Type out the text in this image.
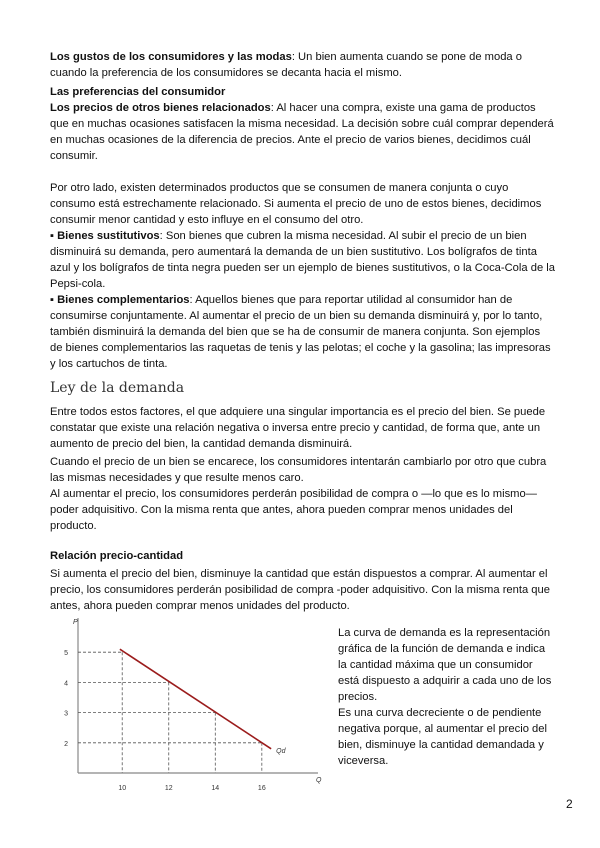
Los gustos de los consumidores y las modas: Un bien aumenta cuando se pone de moda o cuando la preferencia de los consumidores se decanta hacia el mismo.

Las preferencias del consumidor

Los precios de otros bienes relacionados: Al hacer una compra, existe una gama de productos que en muchas ocasiones satisfacen la misma necesidad. La decisión sobre cuál comprar dependerá en muchas ocasiones de la diferencia de precios. Ante el precio de varios bienes, decidimos cuál consumir.

Por otro lado, existen determinados productos que se consumen de manera conjunta o cuyo consumo está estrechamente relacionado. Si aumenta el precio de uno de estos bienes, decidimos consumir menor cantidad y esto influye en el consumo del otro.

▪ Bienes sustitutivos: Son bienes que cubren la misma necesidad. Al subir el precio de un bien disminuirá su demanda, pero aumentará la demanda de un bien sustitutivo. Los bolígrafos de tinta azul y los bolígrafos de tinta negra pueden ser un ejemplo de bienes sustitutivos, o la Coca-Cola de la Pepsi-cola.

▪ Bienes complementarios: Aquellos bienes que para reportar utilidad al consumidor han de consumirse conjuntamente. Al aumentar el precio de un bien su demanda disminuirá y, por lo tanto, también disminuirá la demanda del bien que se ha de consumir de manera conjunta. Son ejemplos de bienes complementarios las raquetas de tenis y las pelotas; el coche y la gasolina; las impresoras y los cartuchos de tinta.

Ley de la demanda

Entre todos estos factores, el que adquiere una singular importancia es el precio del bien. Se puede constatar que existe una relación negativa o inversa entre precio y cantidad, de forma que, ante un aumento de precio del bien, la cantidad demanda disminuirá.

Cuando el precio de un bien se encarece, los consumidores intentarán cambiarlo por otro que cubra las mismas necesidades y que resulte menos caro.

Al aumentar el precio, los consumidores perderán posibilidad de compra o —lo que es lo mismo— poder adquisitivo. Con la misma renta que antes, ahora pueden comprar menos unidades del producto.

Relación precio-cantidad

Si aumenta el precio del bien, disminuye la cantidad que están dispuestos a comprar. Al aumentar el precio, los consumidores perderán posibilidad de compra -poder adquisitivo. Con la misma renta que antes, ahora pueden comprar menos unidades del producto.

2
3
4
5
10	12	14	16
P
Q
Qd

La curva de demanda es la representación gráfica de la función de demanda e indica la cantidad máxima que un consumidor está dispuesto a adquirir a cada uno de los precios.

Es una curva decreciente o de pendiente negativa porque, al aumentar el precio del bien, disminuye la cantidad demandada y viceversa.

2
